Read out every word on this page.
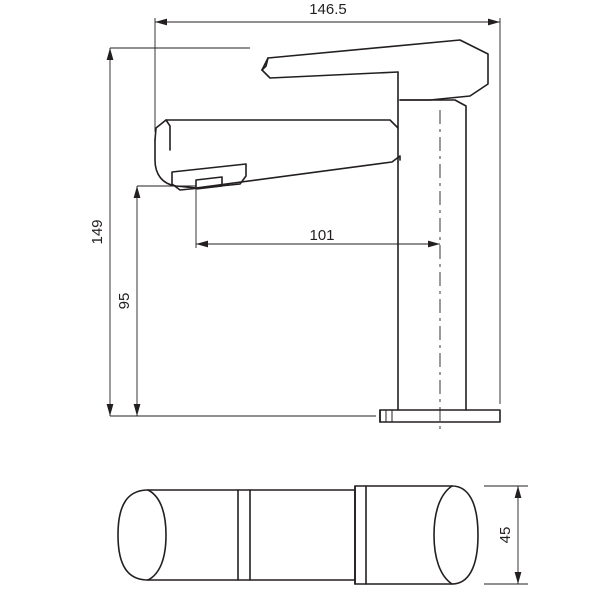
146.5
149	101
95
45
